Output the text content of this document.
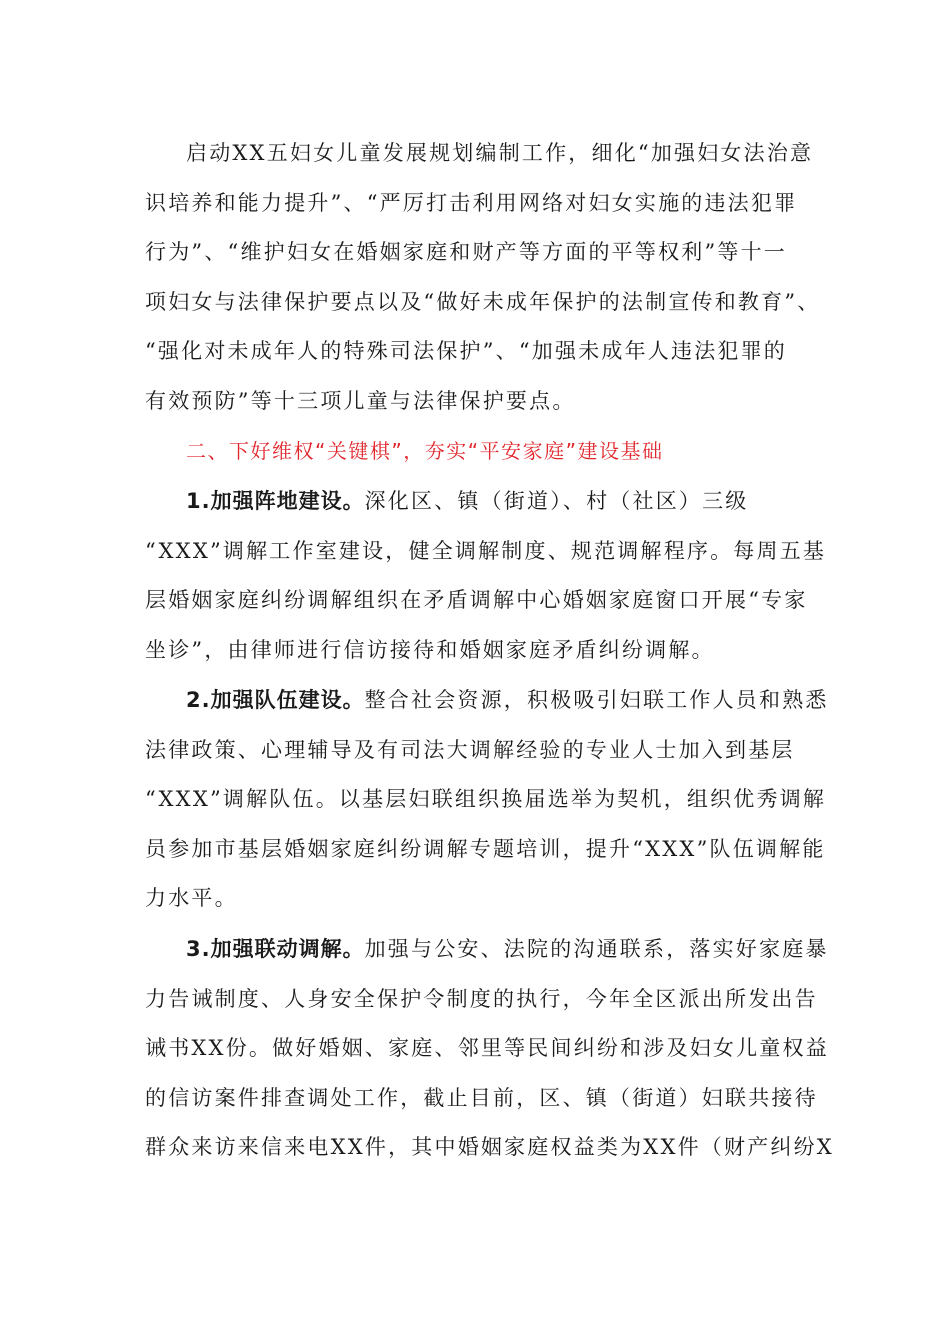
启动XX五妇女儿童发展规划编制工作，细化“加强妇女法治意
识培养和能力提升”、“严厉打击利用网络对妇女实施的违法犯罪
行为”、“维护妇女在婚姻家庭和财产等方面的平等权利”等十一
项妇女与法律保护要点以及“做好未成年保护的法制宣传和教育”、
“强化对未成年人的特殊司法保护”、“加强未成年人违法犯罪的
有效预防”等十三项儿童与法律保护要点。
二、下好维权“关键棋”，夯实“平安家庭”建设基础
1.加强阵地建设。深化区、镇（街道）、村（社区）三级
“XXX”调解工作室建设，健全调解制度、规范调解程序。每周五基
层婚姻家庭纠纷调解组织在矛盾调解中心婚姻家庭窗口开展“专家
坐诊”，由律师进行信访接待和婚姻家庭矛盾纠纷调解。
2.加强队伍建设。整合社会资源，积极吸引妇联工作人员和熟悉
法律政策、心理辅导及有司法大调解经验的专业人士加入到基层
“XXX”调解队伍。以基层妇联组织换届选举为契机，组织优秀调解
员参加市基层婚姻家庭纠纷调解专题培训，提升“XXX”队伍调解能
力水平。
3.加强联动调解。加强与公安、法院的沟通联系，落实好家庭暴
力告诫制度、人身安全保护令制度的执行，今年全区派出所发出告
诫书XX份。做好婚姻、家庭、邻里等民间纠纷和涉及妇女儿童权益
的信访案件排查调处工作，截止目前，区、镇（街道）妇联共接待
群众来访来信来电XX件，其中婚姻家庭权益类为XX件（财产纠纷X
